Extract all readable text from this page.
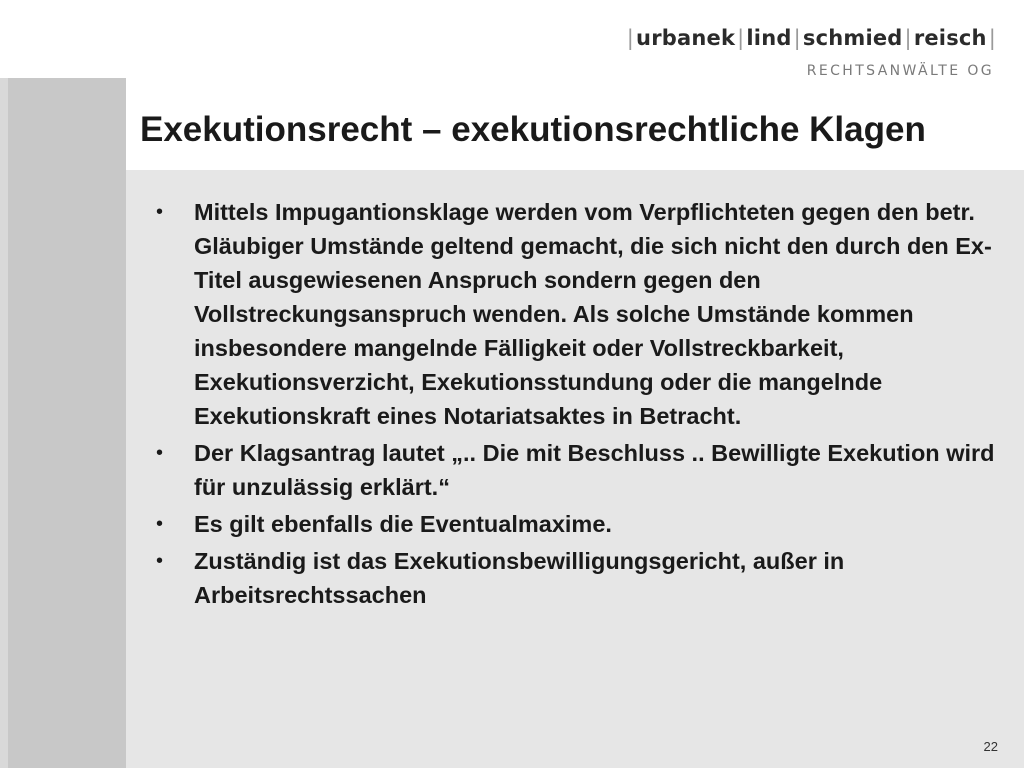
|urbanek|lind|schmied|reisch|
RECHTSANWÄLTE OG
Exekutionsrecht – exekutionsrechtliche Klagen
•	Mittels Impugantionsklage werden vom Verpflichteten gegen den betr. Gläubiger Umstände geltend gemacht, die sich nicht den durch den Ex-Titel ausgewiesenen Anspruch sondern gegen den Vollstreckungsanspruch wenden. Als solche Umstände kommen insbesondere mangelnde Fälligkeit oder Vollstreckbarkeit, Exekutionsverzicht, Exekutionsstundung oder die mangelnde Exekutionskraft eines Notariatsaktes in Betracht.
•	Der Klagsantrag lautet „.. Die mit Beschluss .. Bewilligte Exekution wird für unzulässig erklärt.“
•	Es gilt ebenfalls die Eventualmaxime.
•	Zuständig ist das Exekutionsbewilligungsgericht, außer in Arbeitsrechtssachen
22
